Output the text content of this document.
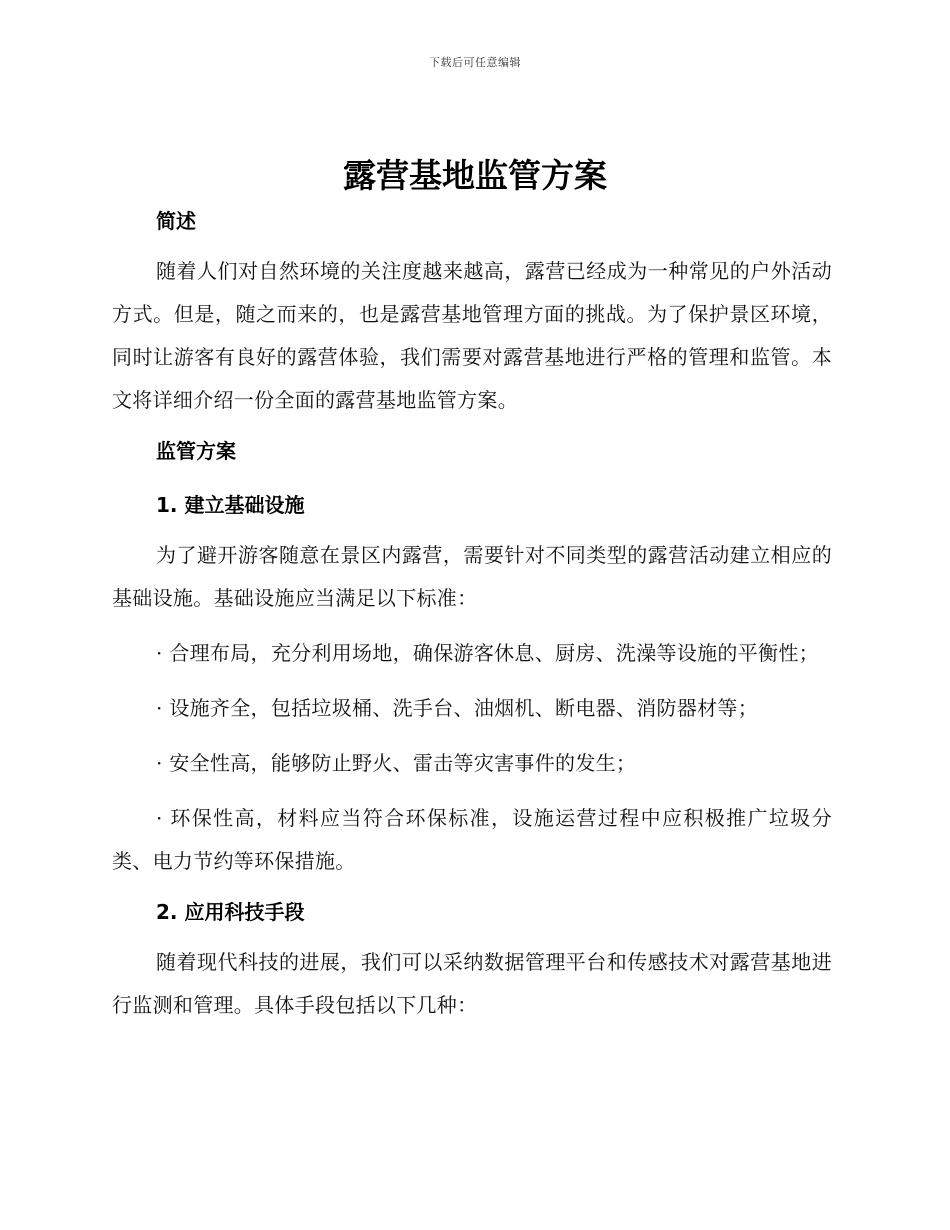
下载后可任意编辑
露营基地监管方案
简述

随着人们对自然环境的关注度越来越高，露营已经成为一种常见的户外活动方式。但是，随之而来的，也是露营基地管理方面的挑战。为了保护景区环境，同时让游客有良好的露营体验，我们需要对露营基地进行严格的管理和监管。本文将详细介绍一份全面的露营基地监管方案。

监管方案
1. 建立基础设施

为了避开游客随意在景区内露营，需要针对不同类型的露营活动建立相应的基础设施。基础设施应当满足以下标准：

· 合理布局，充分利用场地，确保游客休息、厨房、洗澡等设施的平衡性；

· 设施齐全，包括垃圾桶、洗手台、油烟机、断电器、消防器材等；

· 安全性高，能够防止野火、雷击等灾害事件的发生；

· 环保性高，材料应当符合环保标准，设施运营过程中应积极推广垃圾分类、电力节约等环保措施。

2. 应用科技手段

随着现代科技的进展，我们可以采纳数据管理平台和传感技术对露营基地进行监测和管理。具体手段包括以下几种：
